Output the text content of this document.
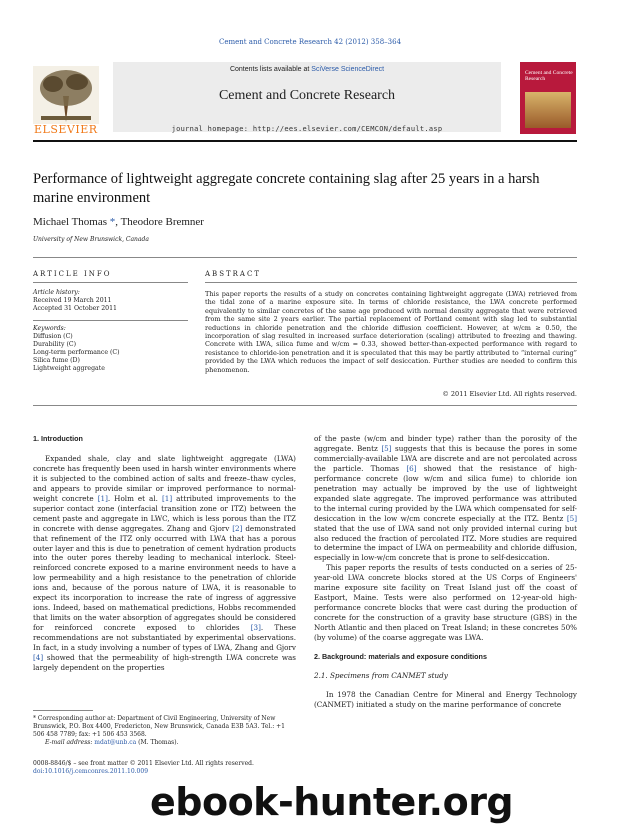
Cement and Concrete Research 42 (2012) 358–364
ELSEVIER
Contents lists available at SciVerse ScienceDirect
Cement and Concrete Research
journal homepage: http://ees.elsevier.com/CEMCON/default.asp
Cement and Concrete Research
Performance of lightweight aggregate concrete containing slag after 25 years in a harsh marine environment
Michael Thomas *, Theodore Bremner
University of New Brunswick, Canada
ARTICLE INFO
Article history:
Received 19 March 2011
Accepted 31 October 2011
Keywords:
Diffusion (C)
Durability (C)
Long-term performance (C)
Silica fume (D)
Lightweight aggregate
ABSTRACT
This paper reports the results of a study on concretes containing lightweight aggregate (LWA) retrieved from the tidal zone of a marine exposure site. In terms of chloride resistance, the LWA concrete performed equivalently to similar concretes of the same age produced with normal density aggregate that were retrieved from the same site 2 years earlier. The partial replacement of Portland cement with slag led to substantial reductions in chloride penetration and the chloride diffusion coefficient. However, at w/cm ≥ 0.50, the incorporation of slag resulted in increased surface deterioration (scaling) attributed to freezing and thawing. Concrete with LWA, silica fume and w/cm = 0.33, showed better-than-expected performance with regard to resistance to chloride-ion penetration and it is speculated that this may be partly attributed to “internal curing” provided by the LWA which reduces the impact of self desiccation. Further studies are needed to confirm this phenomenon.
© 2011 Elsevier Ltd. All rights reserved.
1. Introduction

Expanded shale, clay and slate lightweight aggregate (LWA) concrete has frequently been used in harsh winter environments where it is subjected to the combined action of salts and freeze–thaw cycles, and appears to provide similar or improved performance to normal-weight concrete [1]. Holm et al. [1] attributed improvements to the superior contact zone (interfacial transition zone or ITZ) between the cement paste and aggregate in LWC, which is less porous than the ITZ in concrete with dense aggregates. Zhang and Gjorv [2] demonstrated that refinement of the ITZ only occurred with LWA that has a porous outer layer and this is due to penetration of cement hydration products into the outer pores thereby leading to mechanical interlock. Steel-reinforced concrete exposed to a marine environment needs to have a low permeability and a high resistance to the penetration of chloride ions and, because of the porous nature of LWA, it is reasonable to expect its incorporation to increase the rate of ingress of aggressive ions. Indeed, based on mathematical predictions, Hobbs recommended that limits on the water absorption of aggregates should be considered for reinforced concrete exposed to chlorides [3]. These recommendations are not substantiated by experimental observations. In fact, in a study involving a number of types of LWA, Zhang and Gjorv [4] showed that the permeability of high-strength LWA concrete was largely dependent on the properties

of the paste (w/cm and binder type) rather than the porosity of the aggregate. Bentz [5] suggests that this is because the pores in some commercially-available LWA are discrete and are not percolated across the particle. Thomas [6] showed that the resistance of high-performance concrete (low w/cm and silica fume) to chloride ion penetration may actually be improved by the use of lightweight expanded slate aggregate. The improved performance was attributed to the internal curing provided by the LWA which compensated for self-desiccation in the low w/cm concrete especially at the ITZ. Bentz [5] stated that the use of LWA sand not only provided internal curing but also reduced the fraction of percolated ITZ. More studies are required to determine the impact of LWA on permeability and chloride diffusion, especially in low-w/cm concrete that is prone to self-desiccation.

This paper reports the results of tests conducted on a series of 25-year-old LWA concrete blocks stored at the US Corps of Engineers' marine exposure site facility on Treat Island just off the coast of Eastport, Maine. Tests were also performed on 12-year-old high-performance concrete blocks that were cast during the production of concrete for the construction of a gravity base structure (GBS) in the North Atlantic and then placed on Treat Island; in these concretes 50% (by volume) of the coarse aggregate was LWA.

2. Background: materials and exposure conditions
2.1. Specimens from CANMET study

In 1978 the Canadian Centre for Mineral and Energy Technology (CANMET) initiated a study on the marine performance of concrete

* Corresponding author at: Department of Civil Engineering, University of New Brunswick, P.O. Box 4400, Fredericton, New Brunswick, Canada E3B 5A3. Tel.: +1 506 458 7789; fax: +1 506 453 3568.
E-mail address: mdat@unb.ca (M. Thomas).
0008-8846/$ – see front matter © 2011 Elsevier Ltd. All rights reserved.
doi:10.1016/j.cemconres.2011.10.009
ebook-hunter.org
